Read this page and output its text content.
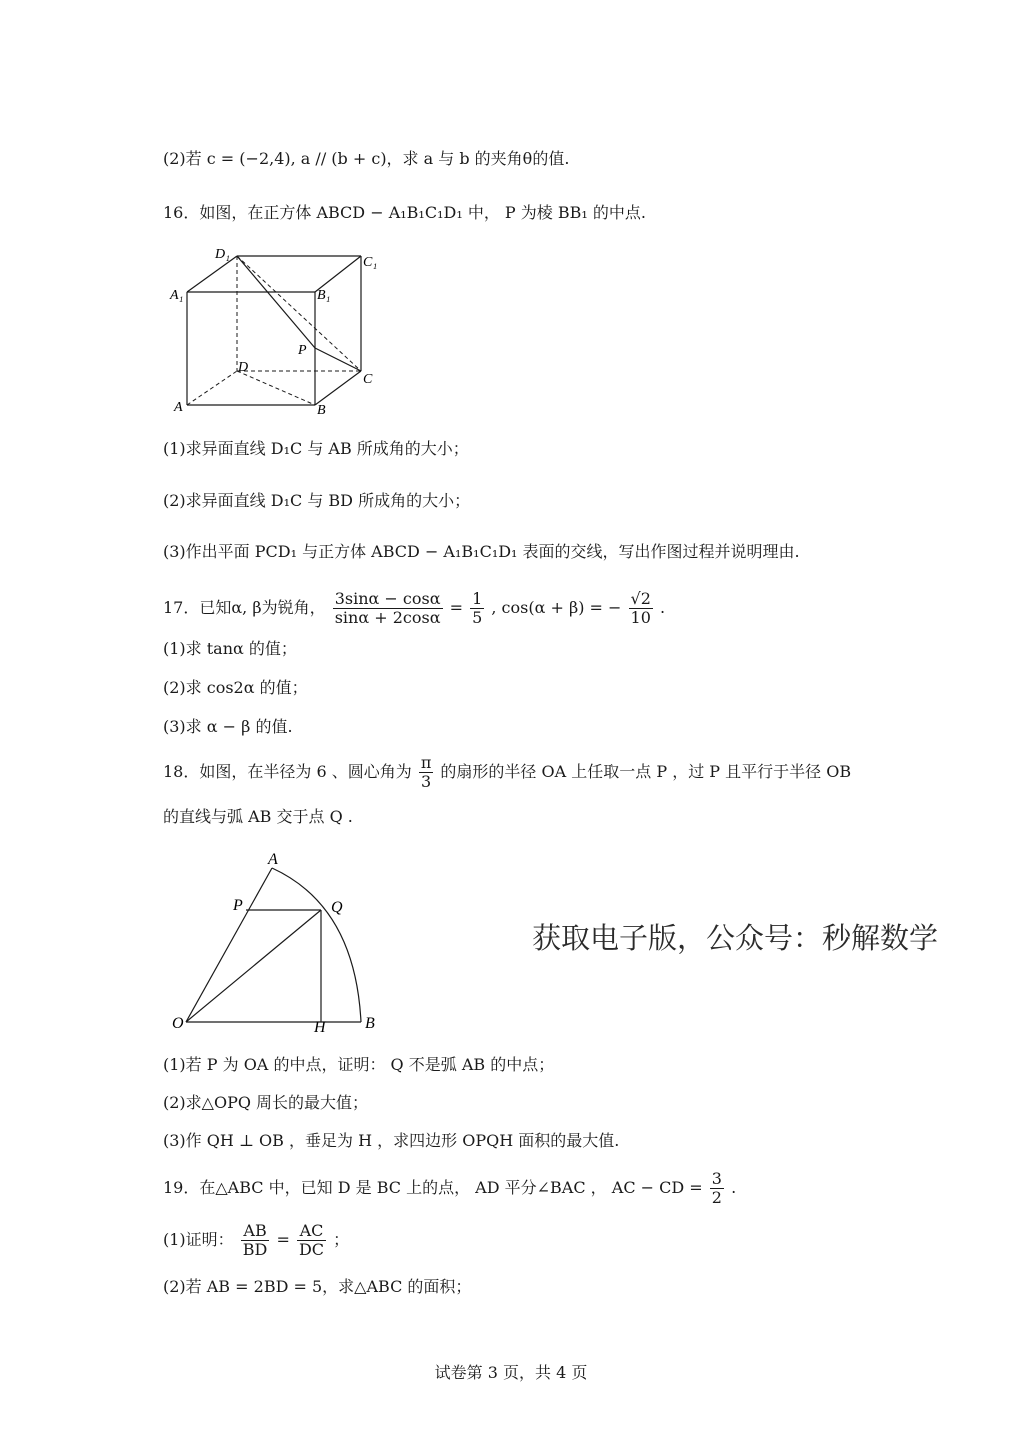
(2)若 c = (−2,4), a // (b + c)，求 a 与 b 的夹角θ的值.
16．如图，在正方体 ABCD − A₁B₁C₁D₁ 中， P 为棱 BB₁ 的中点.
D₁
C₁
A₁	B₁
P
D
C
A	B
(1)求异面直线 D₁C 与 AB 所成角的大小；
(2)求异面直线 D₁C 与 BD 所成角的大小；
(3)作出平面 PCD₁ 与正方体 ABCD − A₁B₁C₁D₁ 表面的交线，写出作图过程并说明理由.
17．已知α, β为锐角， $\frac{3\sin\alpha - \cos\alpha}{\sin\alpha + 2\cos\alpha} = \frac{1}{5}$ , cos(α + β) = − $\frac{√2}{10}$ .
(1)求 tanα 的值；
(2)求 cos2α 的值；
(3)求 α − β 的值.
18．如图，在半径为 6 、圆心角为 $\frac{\pi}{3}$ 的扇形的半径 OA 上任取一点 P ，过 P 且平行于半径 OB
的直线与弧 AB 交于点 Q .
A
P	Q
O	H B
获取电子版，公众号：秒解数学
(1)若 P 为 OA 的中点，证明： Q 不是弧 AB 的中点；
(2)求△OPQ 周长的最大值；
(3)作 QH ⊥ OB ，垂足为 H ，求四边形 OPQH 面积的最大值.
19．在△ABC 中，已知 D 是 BC 上的点， AD 平分∠BAC ， AC − CD = $\frac{3}{2}$ .
(1)证明： $\frac{AB}{BD} = \frac{AC}{DC}$ ；
(2)若 AB = 2BD = 5，求△ABC 的面积；
试卷第 3 页，共 4 页
